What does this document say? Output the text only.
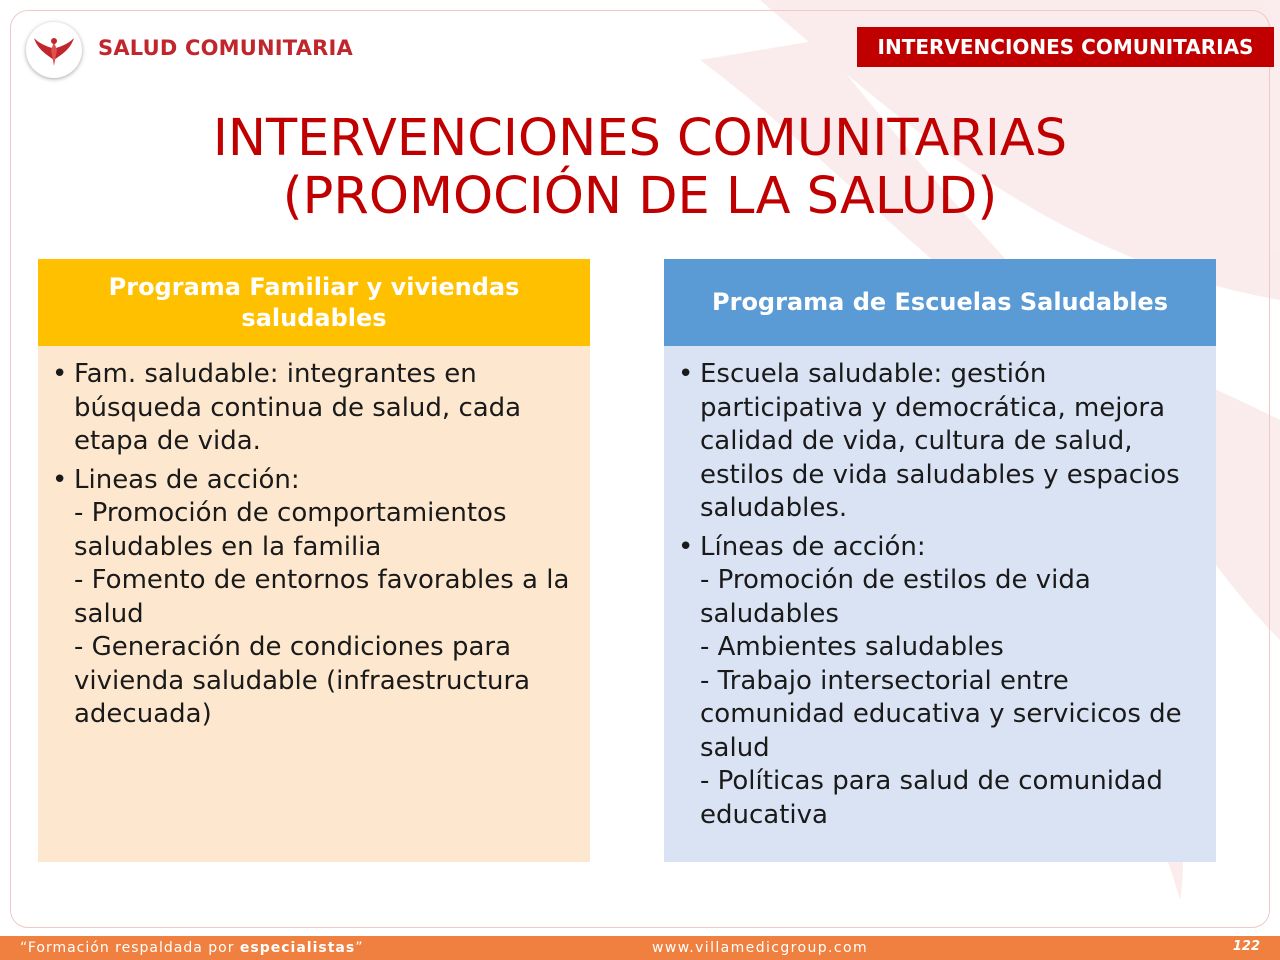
SALUD COMUNITARIA	INTERVENCIONES COMUNITARIAS
INTERVENCIONES COMUNITARIAS
(PROMOCIÓN DE LA SALUD)
Programa Familiar y viviendas saludables
• Fam. saludable: integrantes en búsqueda continua de salud, cada etapa de vida.
• Lineas de acción:
- Promoción de comportamientos saludables en la familia
- Fomento de entornos favorables a la salud
- Generación de condiciones para vivienda saludable (infraestructura adecuada)
Programa de Escuelas Saludables
• Escuela saludable: gestión participativa y democrática, mejora calidad de vida, cultura de salud, estilos de vida saludables y espacios saludables.
• Líneas de acción:
- Promoción de estilos de vida saludables
- Ambientes saludables
- Trabajo intersectorial entre comunidad educativa y servicicos de salud
- Políticas para salud de comunidad educativa
“Formación respaldada por especialistas”	www.villamedicgroup.com	122
